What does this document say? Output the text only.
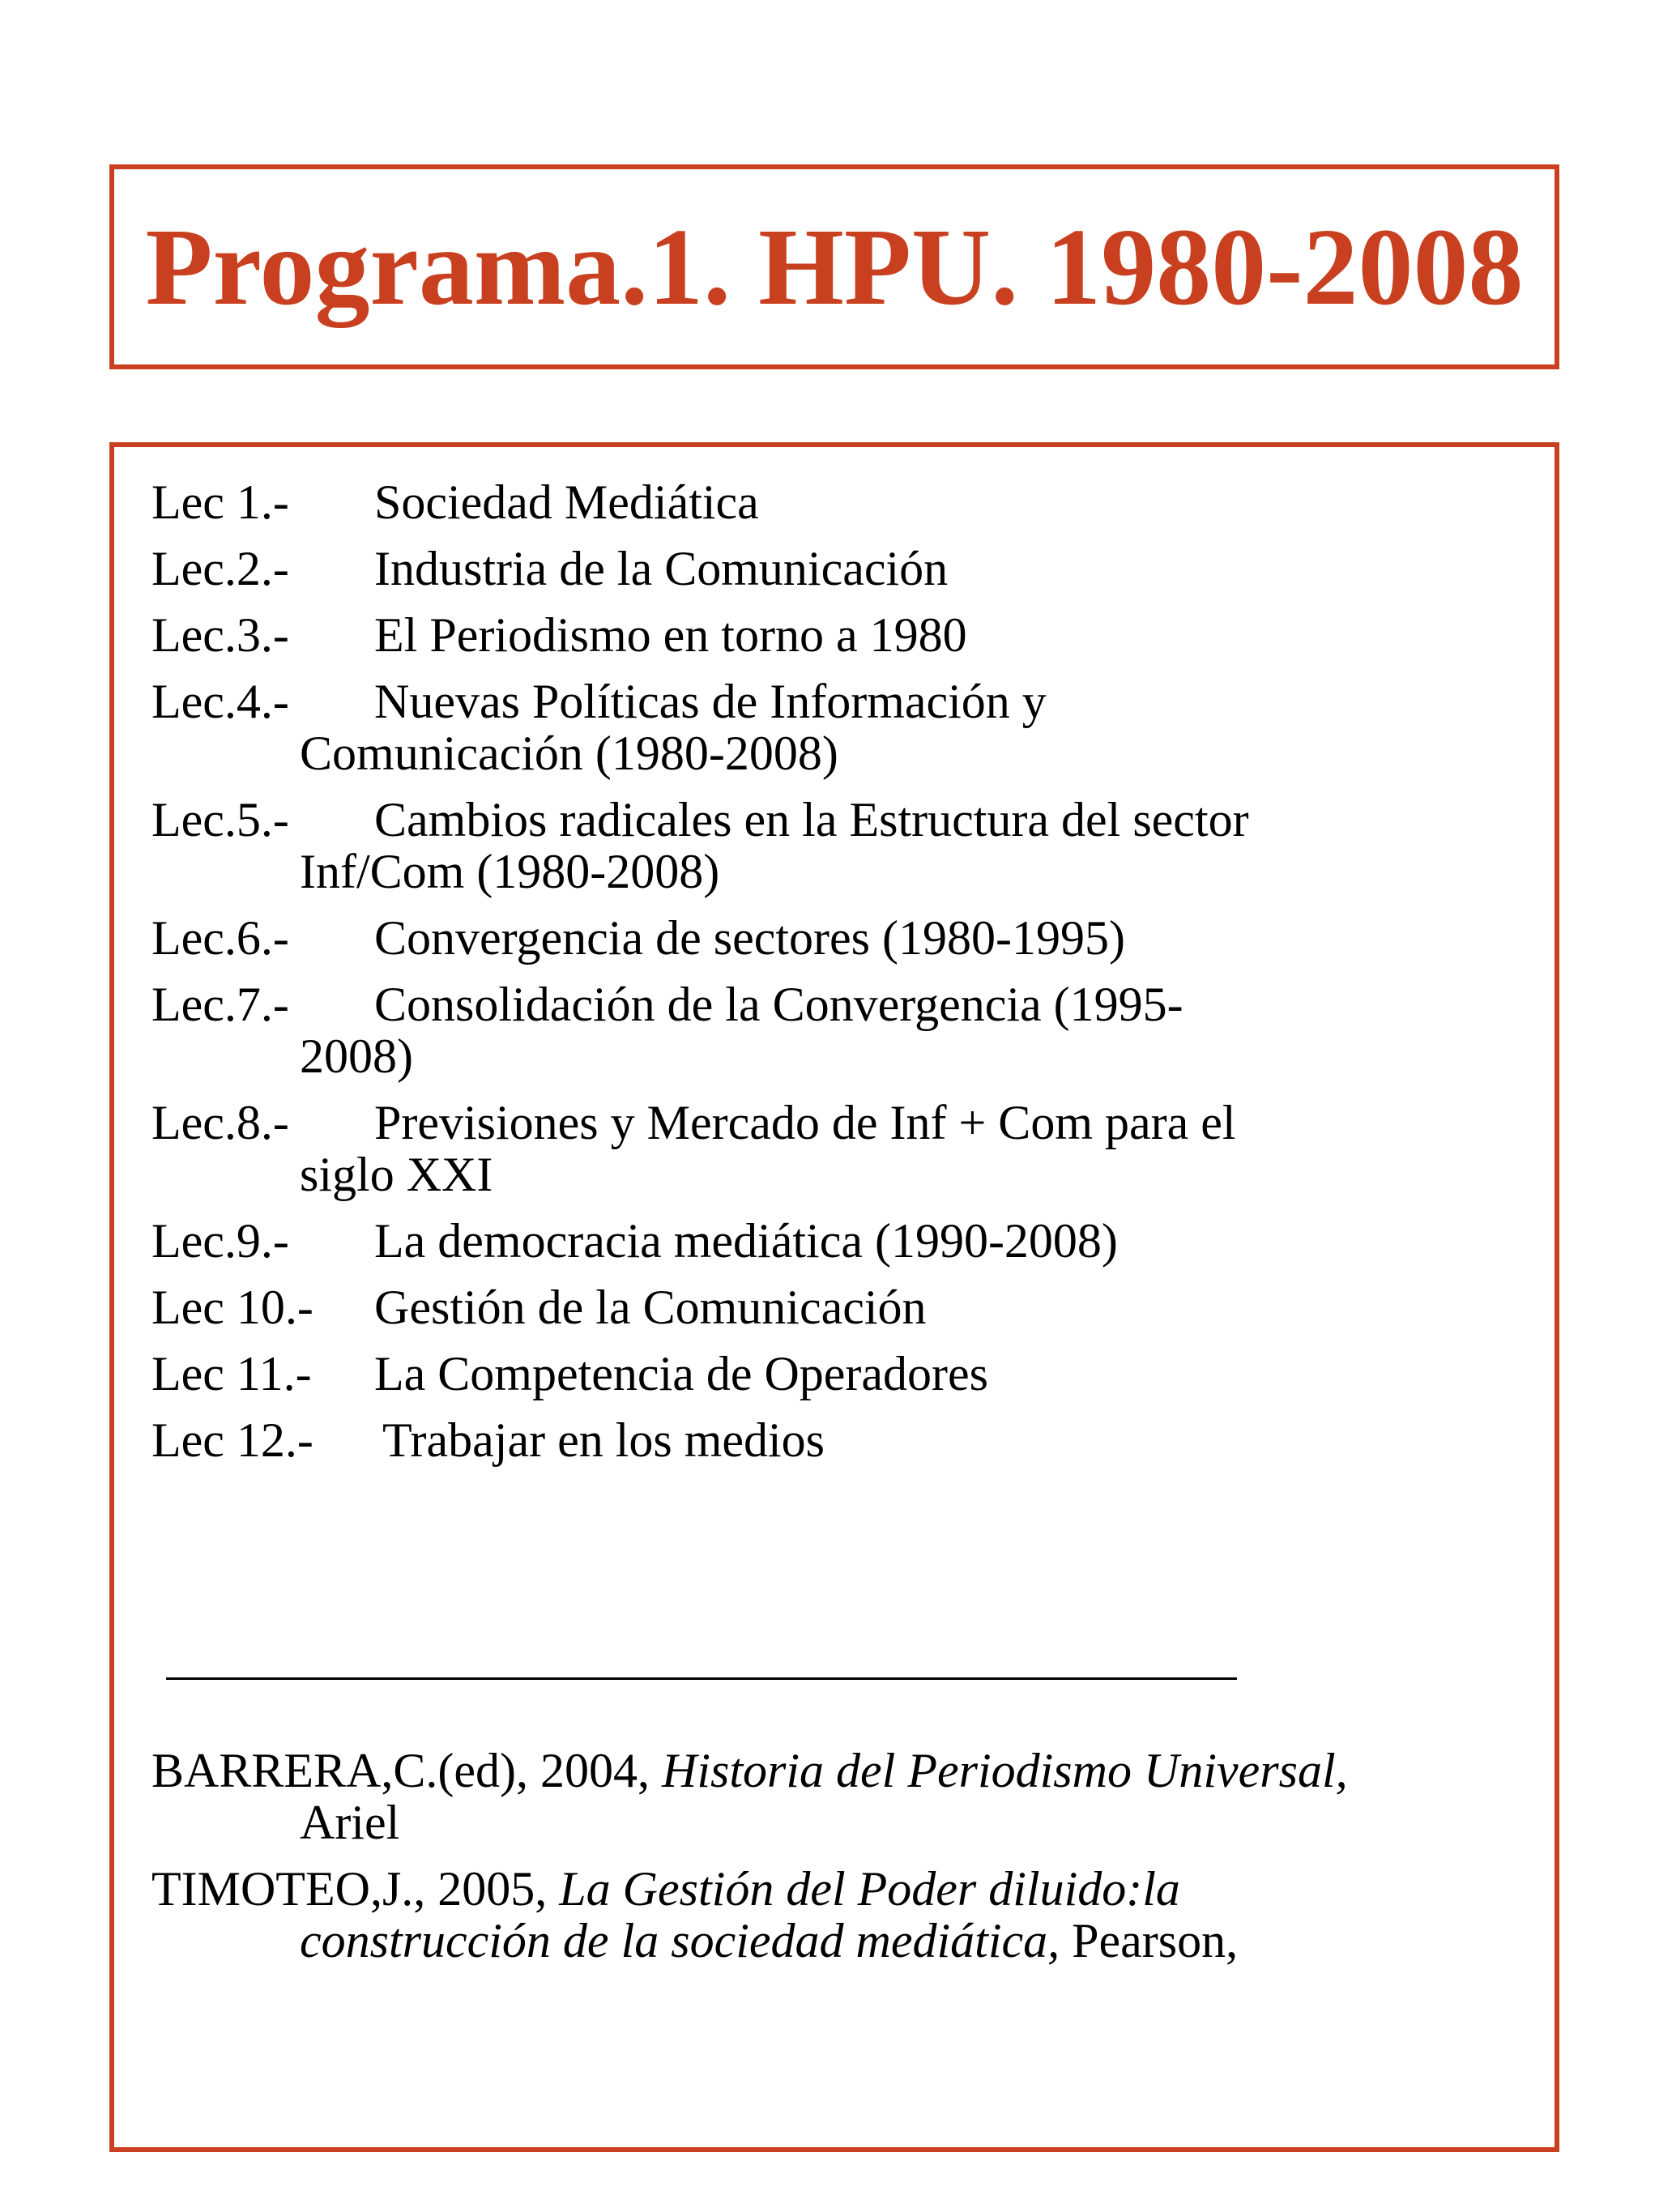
Programa.1. HPU. 1980-2008
Lec 1.- Sociedad Mediática
Lec.2.- Industria de la Comunicación
Lec.3.- El Periodismo en torno a 1980
Lec.4.- Nuevas Políticas de Información y
Comunicación (1980-2008)
Lec.5.- Cambios radicales en la Estructura del sector
Inf/Com (1980-2008)
Lec.6.- Convergencia de sectores (1980-1995)
Lec.7.- Consolidación de la Convergencia (1995-
2008)
Lec.8.- Previsiones y Mercado de Inf + Com para el
siglo XXI
Lec.9.- La democracia mediática (1990-2008)
Lec 10.- Gestión de la Comunicación
Lec 11.- La Competencia de Operadores
Lec 12.- Trabajar en los medios
BARRERA,C.(ed), 2004, Historia del Periodismo Universal,
Ariel
TIMOTEO,J., 2005, La Gestión del Poder diluido:la
construcción de la sociedad mediática, Pearson,
